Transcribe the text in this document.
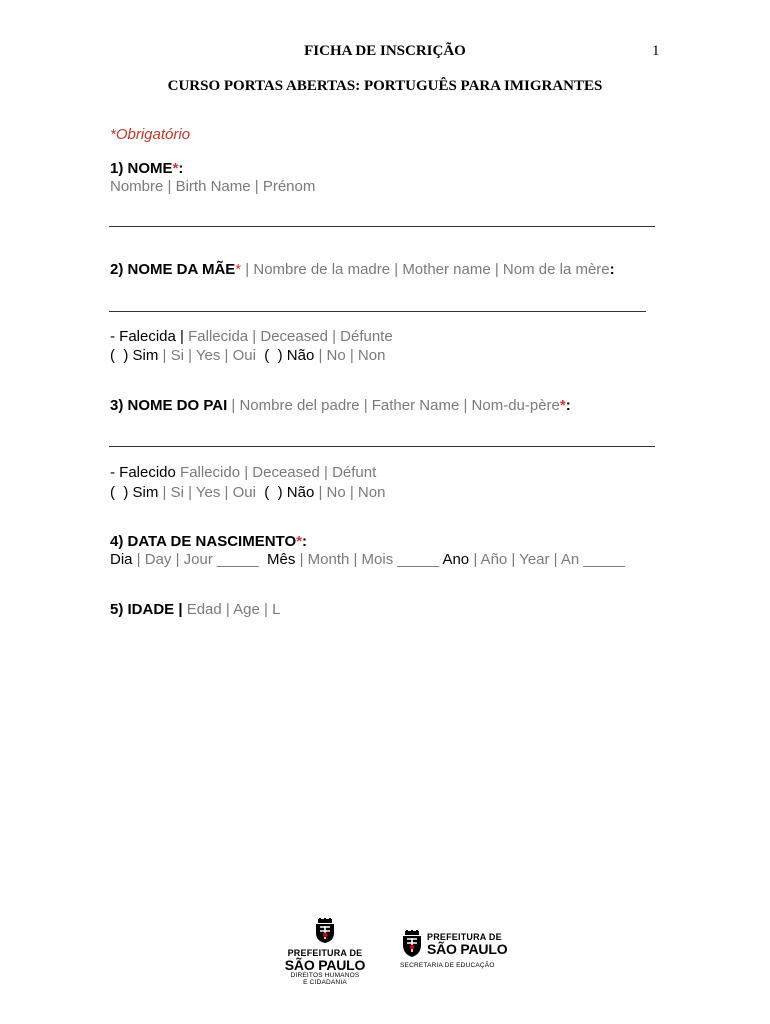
FICHA DE INSCRIÇÃO	1
CURSO PORTAS ABERTAS: PORTUGUÊS PARA IMIGRANTES
*Obrigatório
1) NOME*:
Nombre | Birth Name | Prénom
2) NOME DA MÃE* | Nombre de la madre | Mother name | Nom de la mère:
- Falecida | Fallecida | Deceased | Défunte
(  ) Sim | Si | Yes | Oui  (  ) Não | No | Non
3) NOME DO PAI | Nombre del padre | Father Name | Nom-du-père*:
- Falecido Fallecido | Deceased | Défunt
(  ) Sim | Si | Yes | Oui  (  ) Não | No | Non
4) DATA DE NASCIMENTO*:
Dia | Day | Jour _____  Mês | Month | Mois _____ Ano | Año | Year | An _____
5) IDADE | Edad | Age | L
PREFEITURA DE
SÃO PAULO
DIREITOS HUMANOS
E CIDADANIA
PREFEITURA DE
SÃO PAULO
SECRETARIA DE EDUCAÇÃO
